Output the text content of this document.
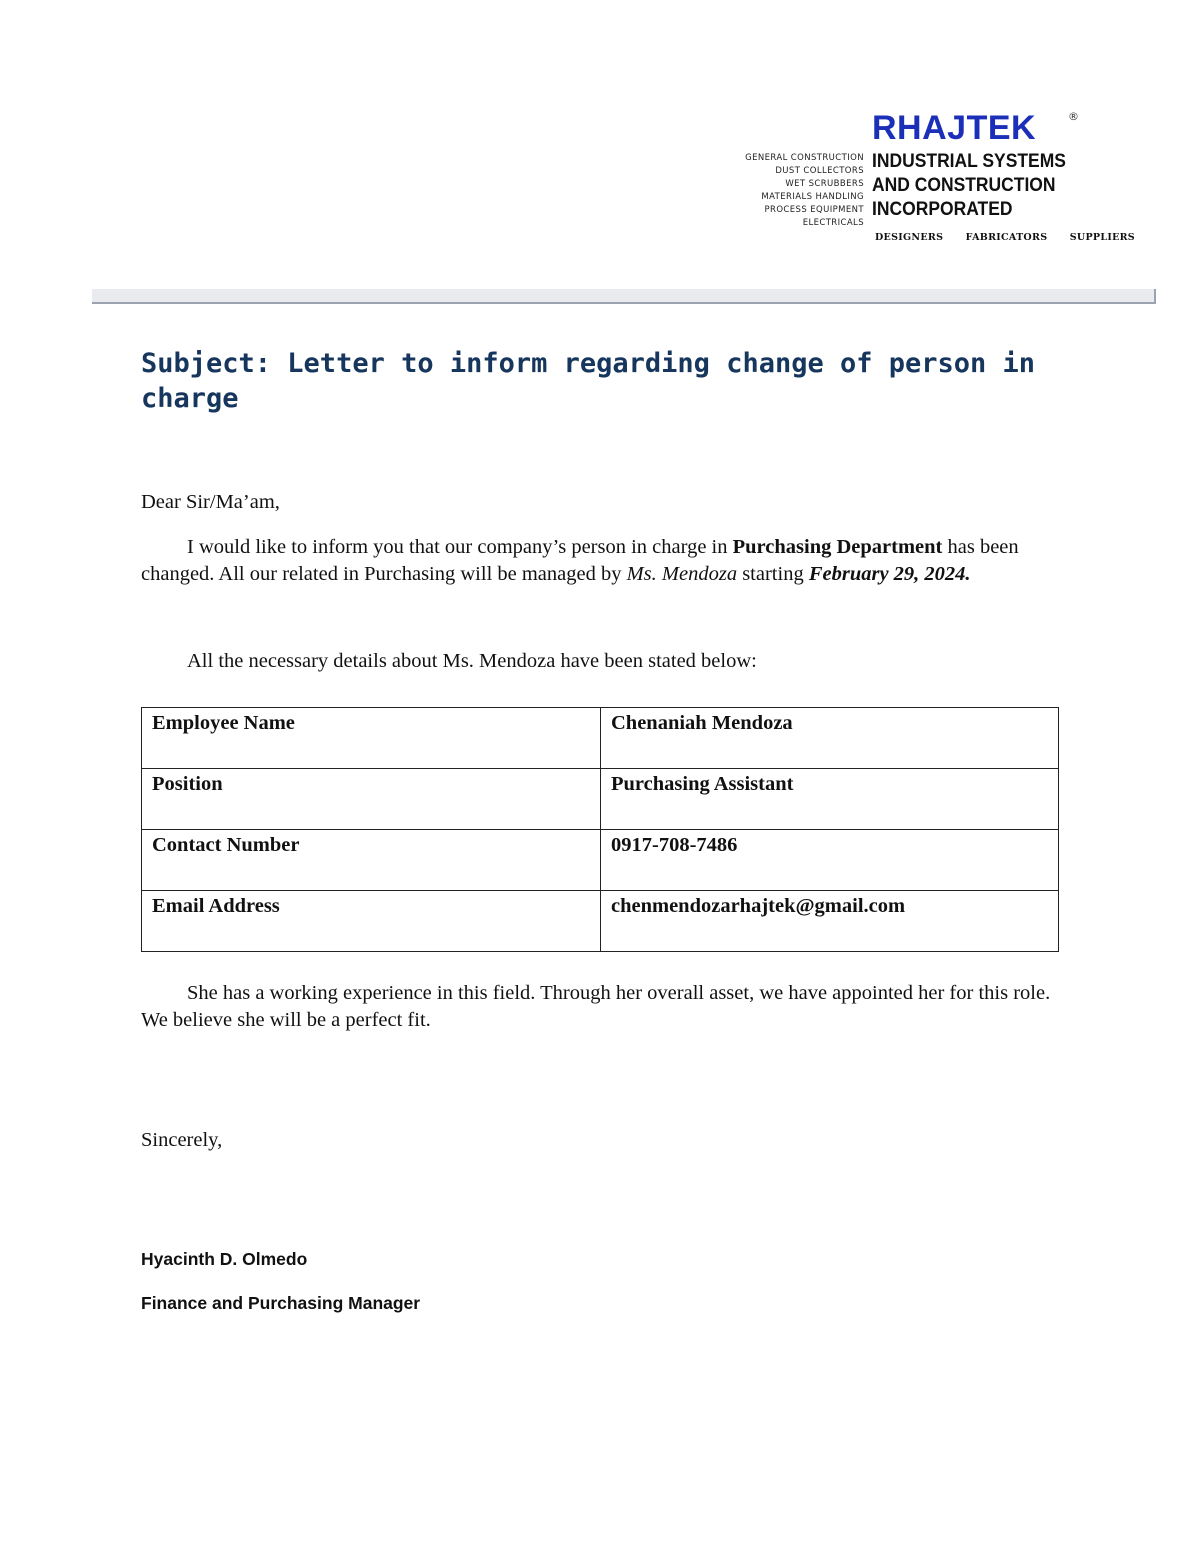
GENERAL CONSTRUCTION
DUST COLLECTORS
WET SCRUBBERS
MATERIALS HANDLING
PROCESS EQUIPMENT
ELECTRICALS
RHAJTEK	®
INDUSTRIAL SYSTEMS
AND CONSTRUCTION
INCORPORATED
DESIGNERS FABRICATORS SUPPLIERS
Subject: Letter to inform regarding change of person in charge

Dear Sir/Ma’am,

I would like to inform you that our company’s person in charge in Purchasing Department has been changed. All our related in Purchasing will be managed by Ms. Mendoza starting February 29, 2024.

All the necessary details about Ms. Mendoza have been stated below:

Employee Name	Chenaniah Mendoza
Position	Purchasing Assistant
Contact Number	0917-708-7486
Email Address	chenmendozarhajtek@gmail.com

She has a working experience in this field. Through her overall asset, we have appointed her for this role. We believe she will be a perfect fit.

Sincerely,

Hyacinth D. Olmedo

Finance and Purchasing Manager
